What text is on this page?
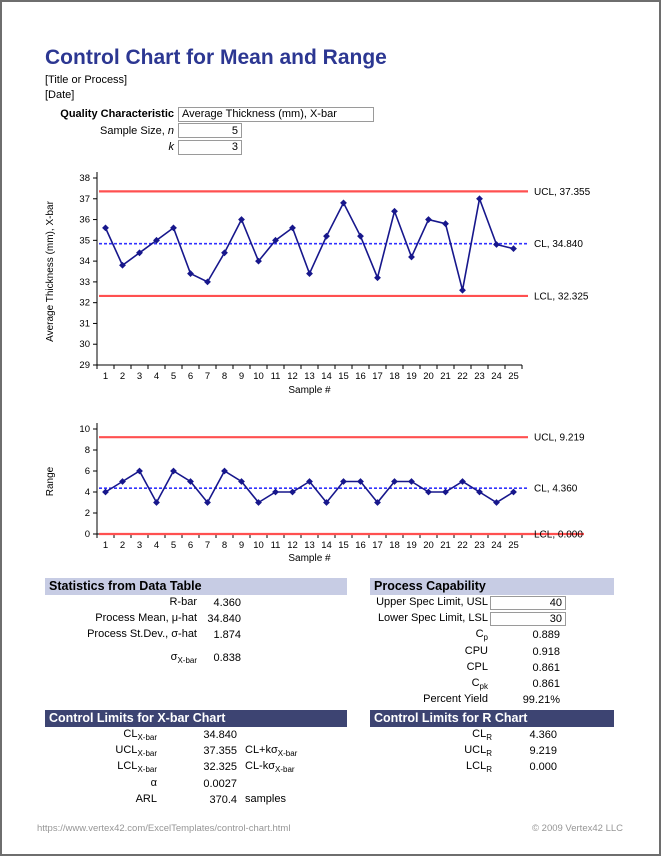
Control Chart for Mean and Range
[Title or Process]
[Date]
Quality Characteristic
Average Thickness (mm), X-bar
Sample Size, n
5
k
3
29
30
31
32
33
34
35
36
37
38
1 2 3 4 5 6 7 8 9 10 11 12 13 14 15 16 17 18 19 20 21 22 23 24 25
Sample #
Average Thickness (mm), X-bar
UCL, 37.355
CL, 34.840
LCL, 32.325
0
2
4
6
8
10
1 2 3 4 5 6 7 8 9 10 11 12 13 14 15 16 17 18 19 20 21 22 23 24 25
Sample #
Range
UCL, 9.219
CL, 4.360
LCL, 0.000
Statistics from Data Table
R-bar	4.360
Process Mean, μ-hat 34.840
Process St.Dev., σ-hat	1.874
$\sigma_{X-bar}$	0.838
Process Capability
Upper Spec Limit, USL
40
Lower Spec Limit, LSL
30
$C_p$	0.889
CPU	0.918
CPL	0.861
$C_{pk}$	0.861
Percent Yield	99.21%
Control Limits for X-bar Chart
$CL_{X-bar}$	34.840
$UCL_{X-bar}$	37.355 $CL+k\sigma_{X-bar}$
$LCL_{X-bar}$	32.325 $CL-k\sigma_{X-bar}$
α	0.0027
ARL	370.4 samples
Control Limits for R Chart
$CL_R$	4.360
$UCL_R$	9.219
$LCL_R$	0.000
https://www.vertex42.com/ExcelTemplates/control-chart.html	© 2009 Vertex42 LLC
